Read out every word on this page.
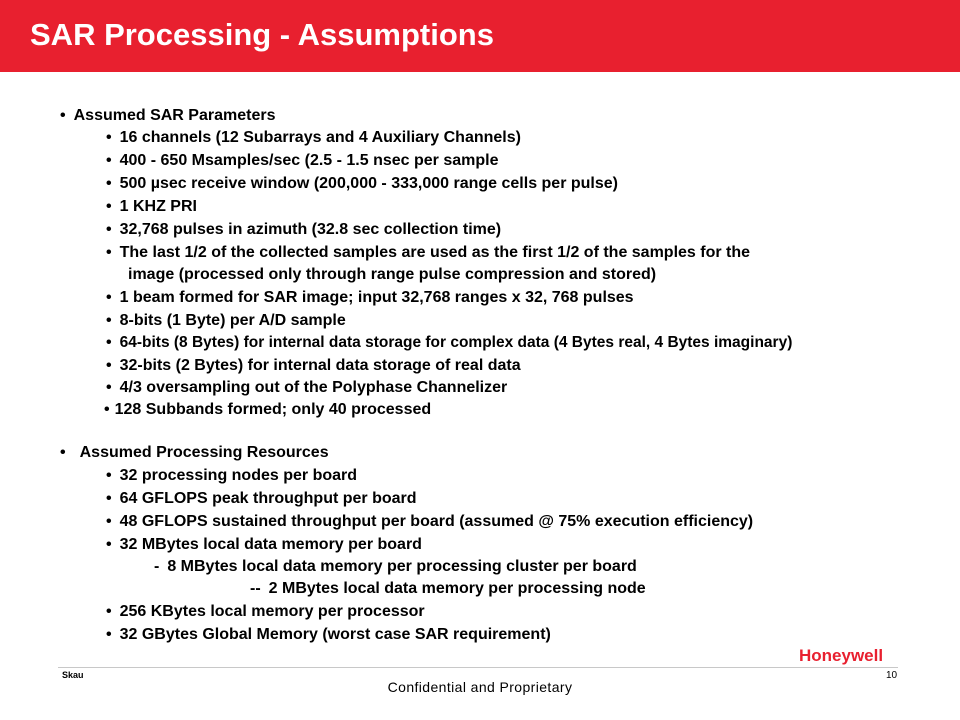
SAR Processing - Assumptions
• Assumed SAR Parameters
• 16 channels (12 Subarrays and 4 Auxiliary Channels)
• 400 - 650 Msamples/sec (2.5 - 1.5 nsec per sample
• 500 µsec receive window (200,000 - 333,000 range cells per pulse)
• 1 KHZ PRI
• 32,768 pulses in azimuth (32.8 sec collection time)
• The last 1/2 of the collected samples are used as the first 1/2 of the samples for the
image (processed only through range pulse compression and stored)
• 1 beam formed for SAR image; input 32,768 ranges x 32, 768 pulses
• 8-bits (1 Byte) per A/D sample
• 64-bits (8 Bytes) for internal data storage for complex data (4 Bytes real, 4 Bytes imaginary)
• 32-bits (2 Bytes) for internal data storage of real data
• 4/3 oversampling out of the Polyphase Channelizer
• 128 Subbands formed; only 40 processed
• Assumed Processing Resources
• 32 processing nodes per board
• 64 GFLOPS peak throughput per board
• 48 GFLOPS sustained throughput per board (assumed @ 75% execution efficiency)
• 32 MBytes local data memory per board
- 8 MBytes local data memory per processing cluster per board
-- 2 MBytes local data memory per processing node
• 256 KBytes local memory per processor
• 32 GBytes Global Memory (worst case SAR requirement)
Honeywell
Skau	10
Confidential and Proprietary
